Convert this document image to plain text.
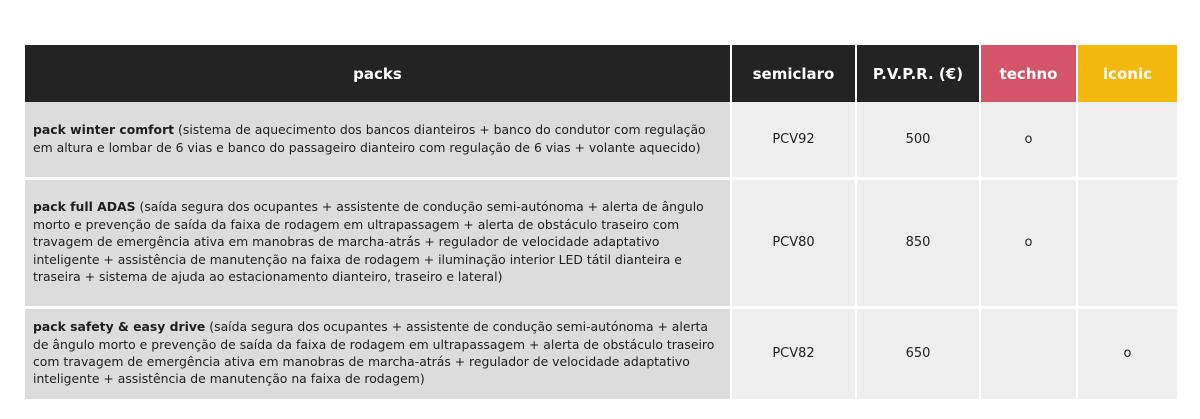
packs	semiclaro	P.V.P.R. (€)	techno	iconic
pack winter comfort (sistema de aquecimento dos bancos dianteiros + banco do condutor com regulação em altura e lombar de 6 vias e banco do passageiro dianteiro com regulação de 6 vias + volante aquecido)	PCV92	500	o	
pack full ADAS (saída segura dos ocupantes + assistente de condução semi-autónoma + alerta de ângulo morto e prevenção de saída da faixa de rodagem em ultrapassagem + alerta de obstáculo traseiro com travagem de emergência ativa em manobras de marcha-atrás + regulador de velocidade adaptativo inteligente + assistência de manutenção na faixa de rodagem + iluminação interior LED tátil dianteira e traseira + sistema de ajuda ao estacionamento dianteiro, traseiro e lateral)	PCV80	850	o	
pack safety & easy drive (saída segura dos ocupantes + assistente de condução semi-autónoma + alerta de ângulo morto e prevenção de saída da faixa de rodagem em ultrapassagem + alerta de obstáculo traseiro com travagem de emergência ativa em manobras de marcha-atrás + regulador de velocidade adaptativo inteligente + assistência de manutenção na faixa de rodagem)	PCV82	650		o
